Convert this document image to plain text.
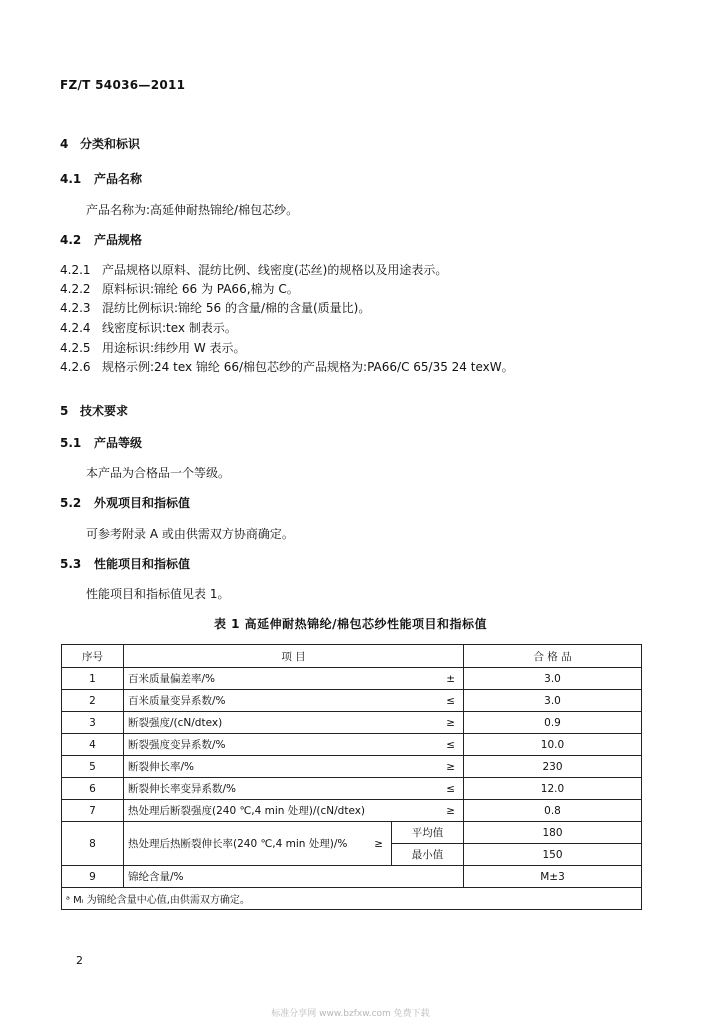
FZ/T 54036—2011
4 分类和标识
4.1 产品名称
产品名称为:高延伸耐热锦纶/棉包芯纱。
4.2 产品规格
4.2.1 产品规格以原料、混纺比例、线密度(芯丝)的规格以及用途表示。
4.2.2 原料标识:锦纶 66 为 PA66,棉为 C。
4.2.3 混纺比例标识:锦纶 56 的含量/棉的含量(质量比)。
4.2.4 线密度标识:tex 制表示。
4.2.5 用途标识:纬纱用 W 表示。
4.2.6 规格示例:24 tex 锦纶 66/棉包芯纱的产品规格为:PA66/C 65/35 24 texW。
5 技术要求
5.1 产品等级
本产品为合格品一个等级。
5.2 外观项目和指标值
可参考附录 A 或由供需双方协商确定。
5.3 性能项目和指标值
性能项目和指标值见表 1。
表 1 高延伸耐热锦纶/棉包芯纱性能项目和指标值
序号	项 目		合 格 品
1	百米质量偏差率/% ±		3.0
2	百米质量变异系数/% ≤		3.0
3	断裂强度/(cN/dtex) ≥		0.9
4	断裂强度变异系数/% ≤		10.0
5	断裂伸长率/% ≥		230
6	断裂伸长率变异系数/% ≤		12.0
7	热处理后断裂强度(240 ℃,4 min 处理)/(cN/dtex) ≥		0.8
8	热处理后热断裂伸长率(240 ℃,4 min 处理)/% ≥	平均值	180
		最小值	150
9	锦纶含量/%		M±3
ᵃ Mᵢ 为锦纶含量中心值,由供需双方确定。			
2
标准分享网 www.bzfxw.com 免费下载
